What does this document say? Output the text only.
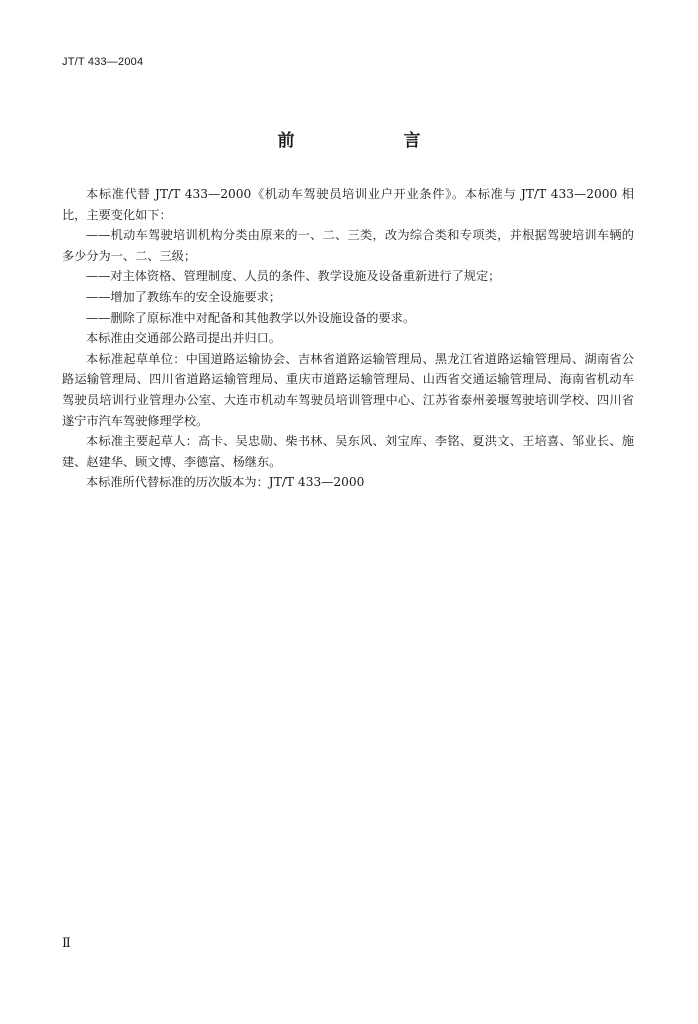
JT/T 433—2004
前　言

本标准代替 JT/T 433—2000《机动车驾驶员培训业户开业条件》。本标准与 JT/T 433—2000 相比，主要变化如下：

——机动车驾驶培训机构分类由原来的一、二、三类，改为综合类和专项类，并根据驾驶培训车辆的多少分为一、二、三级；

——对主体资格、管理制度、人员的条件、教学设施及设备重新进行了规定；

——增加了教练车的安全设施要求；

——删除了原标准中对配备和其他教学以外设施设备的要求。

本标准由交通部公路司提出并归口。

本标准起草单位：中国道路运输协会、吉林省道路运输管理局、黑龙江省道路运输管理局、湖南省公路运输管理局、四川省道路运输管理局、重庆市道路运输管理局、山西省交通运输管理局、海南省机动车驾驶员培训行业管理办公室、大连市机动车驾驶员培训管理中心、江苏省泰州姜堰驾驶培训学校、四川省遂宁市汽车驾驶修理学校。

本标准主要起草人：高卡、吴忠勋、柴书林、吴东风、刘宝库、李铭、夏洪文、王培喜、邹业长、施建、赵建华、顾文博、李德富、杨继东。

本标准所代替标准的历次版本为：JT/T 433—2000

Ⅱ
